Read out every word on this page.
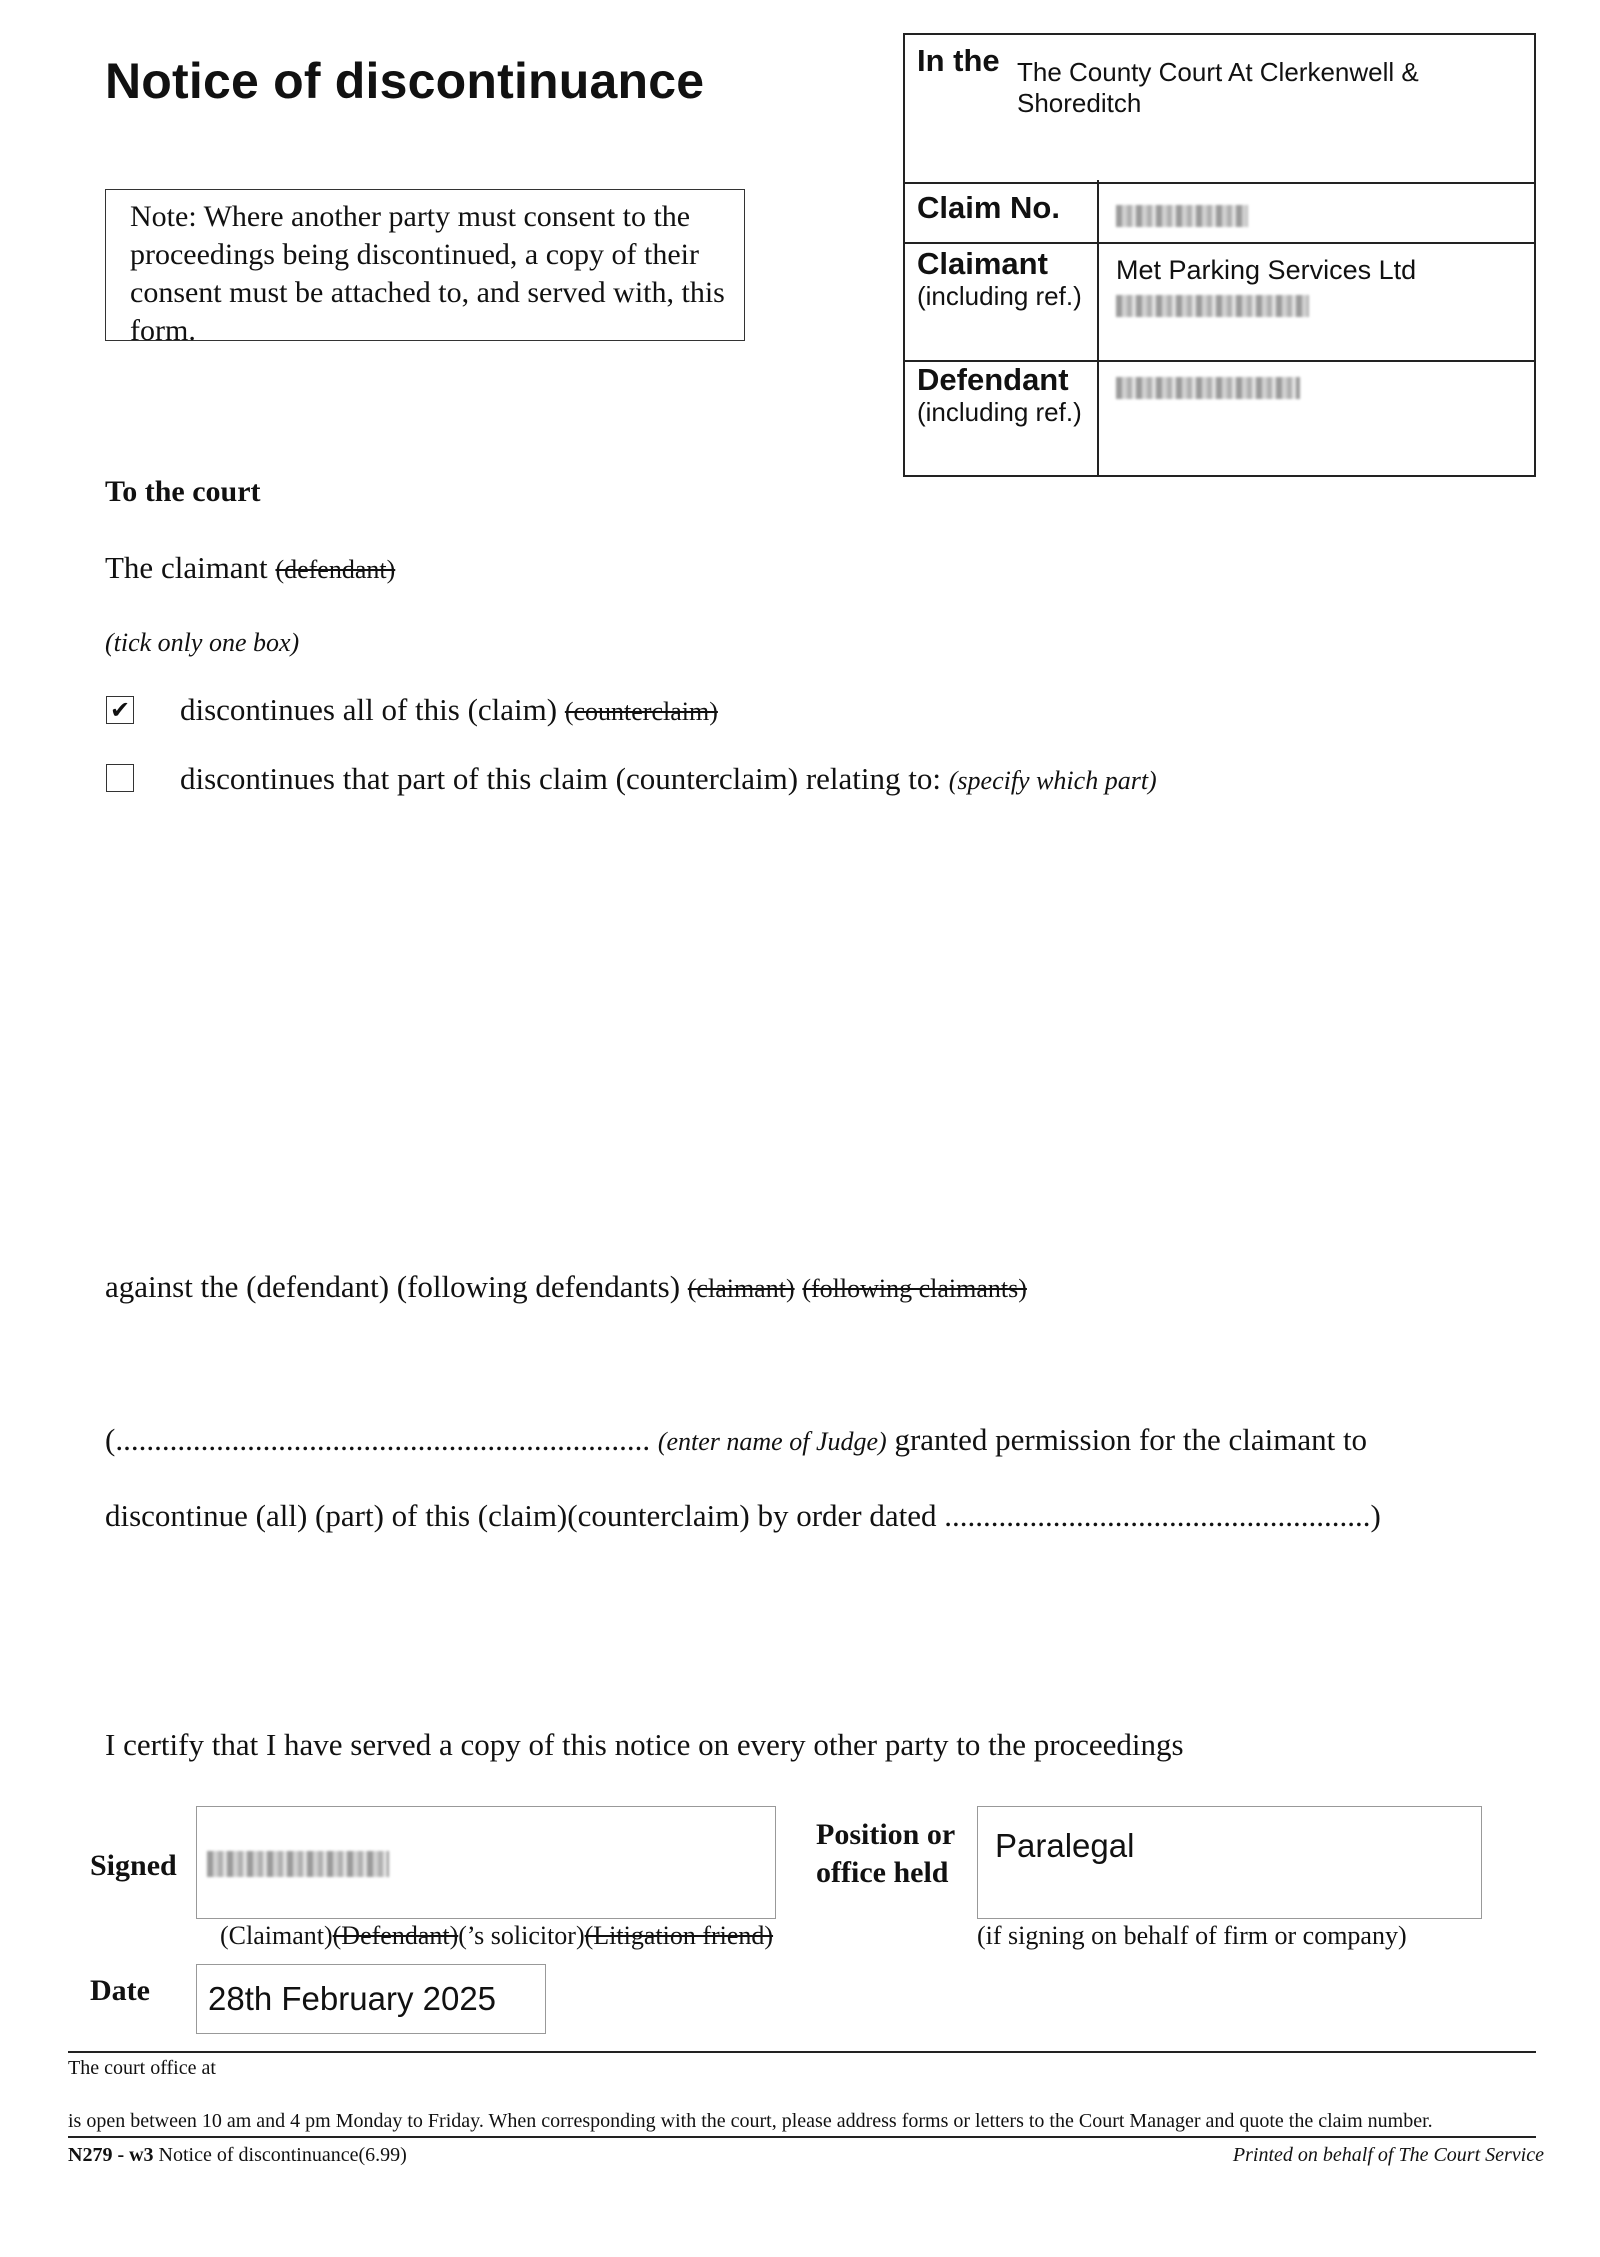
Notice of discontinuance
Note: Where another party must consent to the proceedings being discontinued, a copy of their consent must be attached to, and served with, this form.
In the The County Court At Clerkenwell & Shoreditch
Claim No.
Claimant
(including ref.)
Met Parking Services Ltd
Defendant
(including ref.)
To the court
The claimant (defendant)
(tick only one box)
✔ discontinues all of this (claim) (counterclaim)
discontinues that part of this claim (counterclaim) relating to: (specify which part)
against the (defendant) (following defendants) (claimant) (following claimants)
(..................................................................... (enter name of Judge) granted permission for the claimant to
discontinue (all) (part) of this (claim)(counterclaim) by order dated .......................................................)
I certify that I have served a copy of this notice on every other party to the proceedings
Signed
(Claimant)(Defendant)(’s solicitor)(Litigation friend)
Position or
office held
Paralegal
(if signing on behalf of firm or company)
Date 28th February 2025
The court office at
is open between 10 am and 4 pm Monday to Friday. When corresponding with the court, please address forms or letters to the Court Manager and quote the claim number.
N279 - w3 Notice of discontinuance(6.99)	Printed on behalf of The Court Service
